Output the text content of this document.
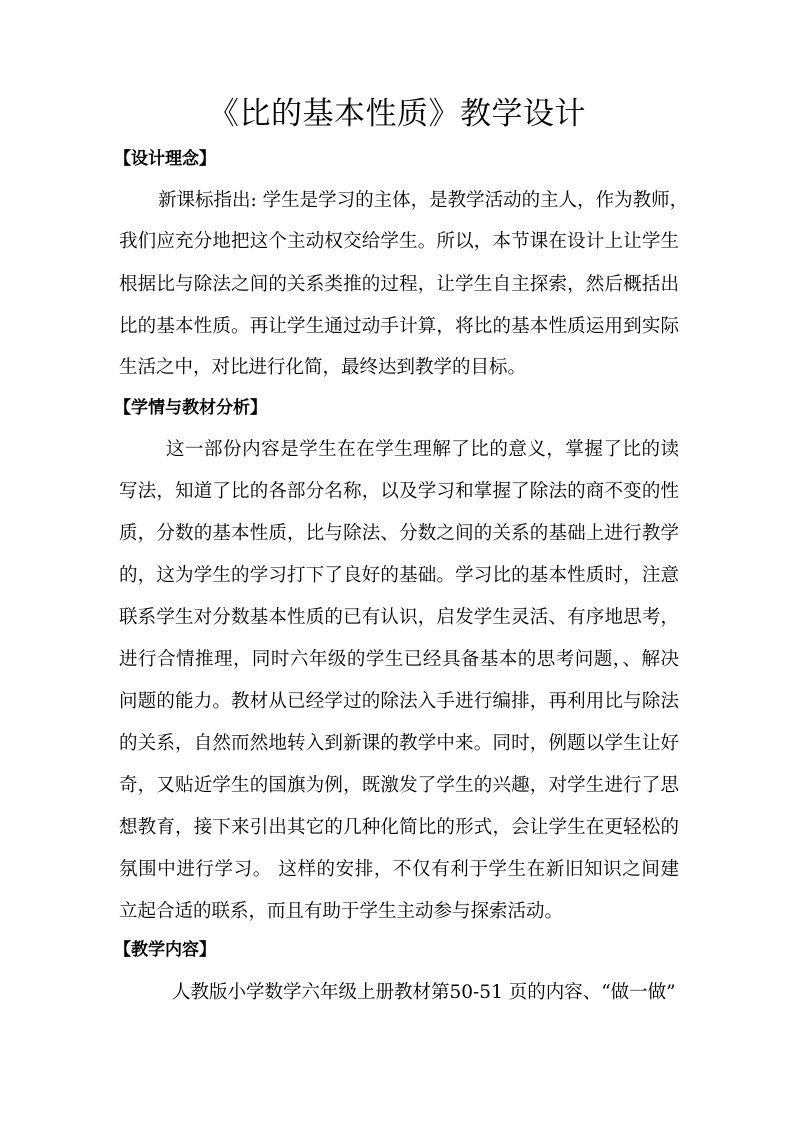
《比的基本性质》教学设计
【设计理念】
新课标指出: 学生是学习的主体，是教学活动的主人，作为教师，
我们应充分地把这个主动权交给学生。所以，本节课在设计上让学生
根据比与除法之间的关系类推的过程，让学生自主探索，然后概括出
比的基本性质。再让学生通过动手计算，将比的基本性质运用到实际
生活之中，对比进行化简，最终达到教学的目标。
【学情与教材分析】
这一部份内容是学生在在学生理解了比的意义，掌握了比的读
写法，知道了比的各部分名称，以及学习和掌握了除法的商不变的性
质，分数的基本性质，比与除法、分数之间的关系的基础上进行教学
的，这为学生的学习打下了良好的基础。学习比的基本性质时，注意
联系学生对分数基本性质的已有认识，启发学生灵活、有序地思考，
进行合情推理，同时六年级的学生已经具备基本的思考问题，、解决
问题的能力。教材从已经学过的除法入手进行编排，再利用比与除法
的关系，自然而然地转入到新课的教学中来。同时，例题以学生让好
奇，又贴近学生的国旗为例，既激发了学生的兴趣，对学生进行了思
想教育，接下来引出其它的几种化简比的形式，会让学生在更轻松的
氛围中进行学习。 这样的安排，不仅有利于学生在新旧知识之间建
立起合适的联系，而且有助于学生主动参与探索活动。
【教学内容】
人教版小学数学六年级上册教材第50-51 页的内容、“做一做”
